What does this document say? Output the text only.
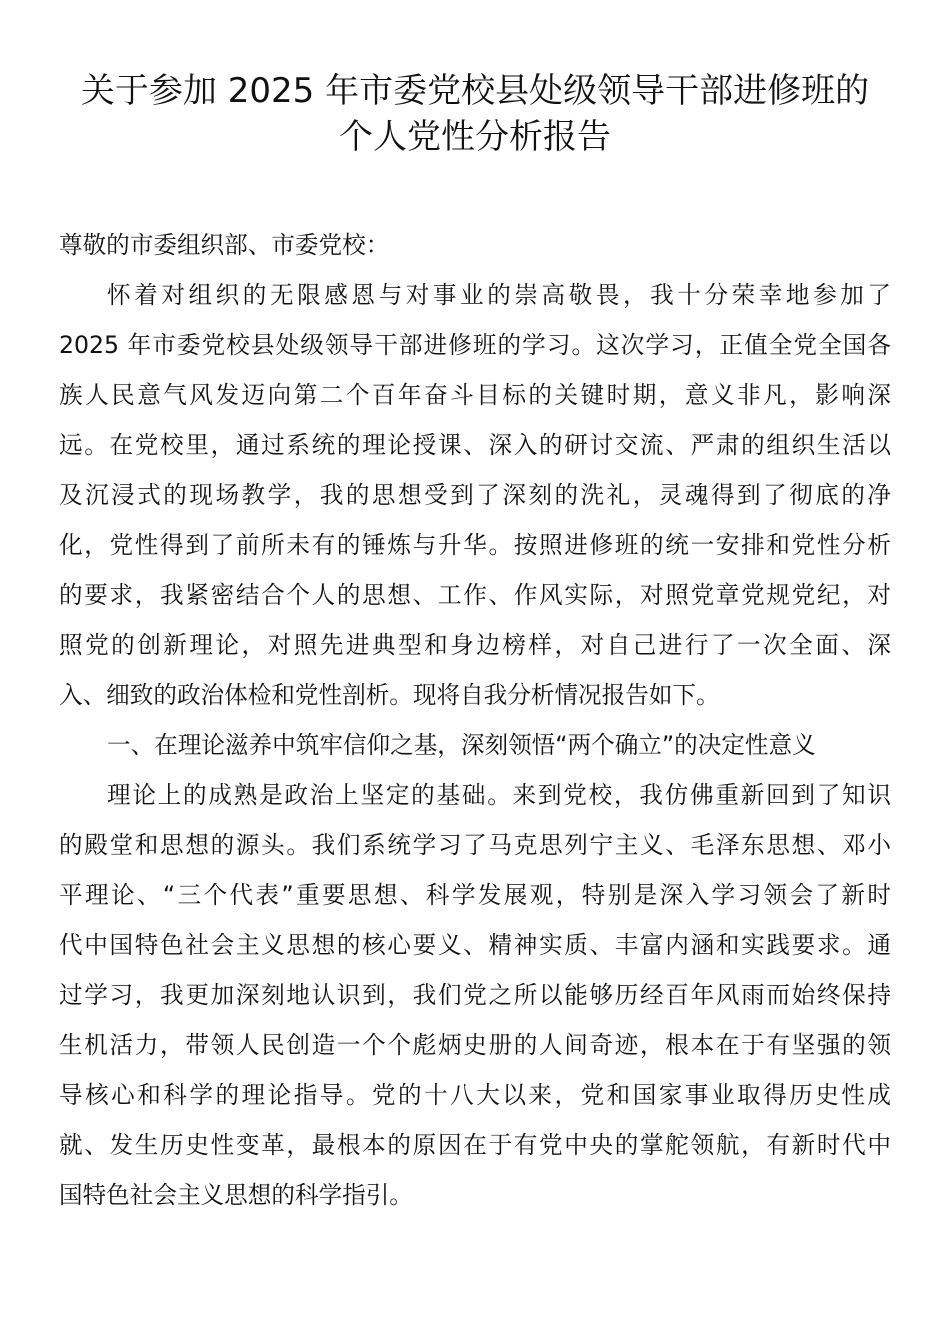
关于参加 2025 年市委党校县处级领导干部进修班的
个人党性分析报告
尊敬的市委组织部、市委党校：
怀着对组织的无限感恩与对事业的崇高敬畏，我十分荣幸地参加了
2025 年市委党校县处级领导干部进修班的学习。这次学习，正值全党全国各
族人民意气风发迈向第二个百年奋斗目标的关键时期，意义非凡，影响深
远。在党校里，通过系统的理论授课、深入的研讨交流、严肃的组织生活以
及沉浸式的现场教学，我的思想受到了深刻的洗礼，灵魂得到了彻底的净
化，党性得到了前所未有的锤炼与升华。按照进修班的统一安排和党性分析
的要求，我紧密结合个人的思想、工作、作风实际，对照党章党规党纪，对
照党的创新理论，对照先进典型和身边榜样，对自己进行了一次全面、深
入、细致的政治体检和党性剖析。现将自我分析情况报告如下。
一、在理论滋养中筑牢信仰之基，深刻领悟“两个确立”的决定性意义
理论上的成熟是政治上坚定的基础。来到党校，我仿佛重新回到了知识
的殿堂和思想的源头。我们系统学习了马克思列宁主义、毛泽东思想、邓小
平理论、“三个代表”重要思想、科学发展观，特别是深入学习领会了新时
代中国特色社会主义思想的核心要义、精神实质、丰富内涵和实践要求。通
过学习，我更加深刻地认识到，我们党之所以能够历经百年风雨而始终保持
生机活力，带领人民创造一个个彪炳史册的人间奇迹，根本在于有坚强的领
导核心和科学的理论指导。党的十八大以来，党和国家事业取得历史性成
就、发生历史性变革，最根本的原因在于有党中央的掌舵领航，有新时代中
国特色社会主义思想的科学指引。
